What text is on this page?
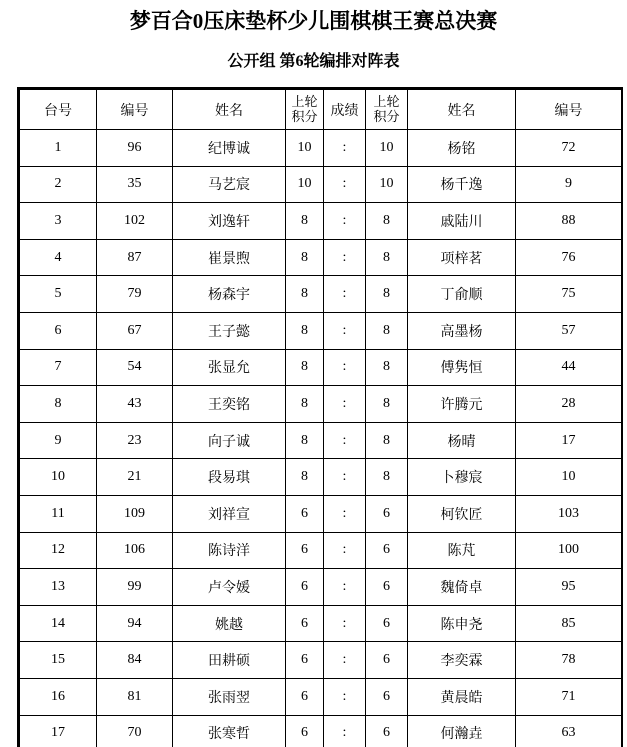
梦百合0压床垫杯少儿围棋棋王赛总决赛
公开组 第6轮编排对阵表
台号	编号	姓名	上轮积分	成绩	上轮积分	姓名	编号
1	96	纪博诚	10	:	10	杨铭	72
2	35	马艺宸	10	:	10	杨千逸	9
3	102	刘逸轩	8	:	8	戚陆川	88
4	87	崔景煦	8	:	8	项梓茗	76
5	79	杨森宇	8	:	8	丁俞顺	75
6	67	王子懿	8	:	8	高墨杨	57
7	54	张显允	8	:	8	傅隽恒	44
8	43	王奕铭	8	:	8	许腾元	28
9	23	向子诚	8	:	8	杨晴	17
10	21	段易琪	8	:	8	卜穆宸	10
11	109	刘祥宣	6	:	6	柯钦匠	103
12	106	陈诗洋	6	:	6	陈芃	100
13	99	卢令媛	6	:	6	魏倚卓	95
14	94	姚越	6	:	6	陈申尧	85
15	84	田耕硕	6	:	6	李奕霖	78
16	81	张雨翌	6	:	6	黄晨皓	71
17	70	张寒哲	6	:	6	何瀚垚	63
